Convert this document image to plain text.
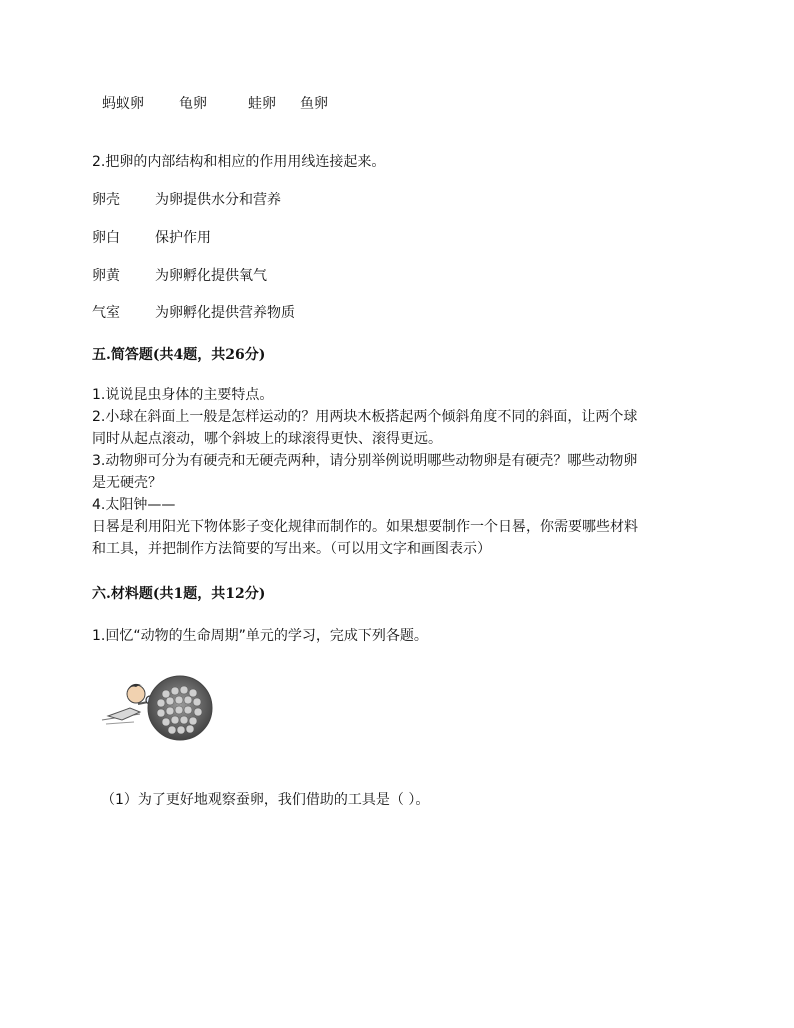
蚂蚁卵	龟卵	蛙卵 鱼卵
2.把卵的内部结构和相应的作用用线连接起来。
卵壳	为卵提供水分和营养
卵白	保护作用
卵黄	为卵孵化提供氧气
气室	为卵孵化提供营养物质
五.简答题(共4题，共26分)
1.说说昆虫身体的主要特点。
2.小球在斜面上一般是怎样运动的？用两块木板搭起两个倾斜角度不同的斜面，让两个球
同时从起点滚动，哪个斜坡上的球滚得更快、滚得更远。
3.动物卵可分为有硬壳和无硬壳两种，请分别举例说明哪些动物卵是有硬壳？哪些动物卵
是无硬壳？
4.太阳钟——
日晷是利用阳光下物体影子变化规律而制作的。如果想要制作一个日晷，你需要哪些材料
和工具，并把制作方法简要的写出来。（可以用文字和画图表示）
六.材料题(共1题，共12分)
1.回忆“动物的生命周期”单元的学习，完成下列各题。
（1）为了更好地观察蚕卵，我们借助的工具是（ ）。
